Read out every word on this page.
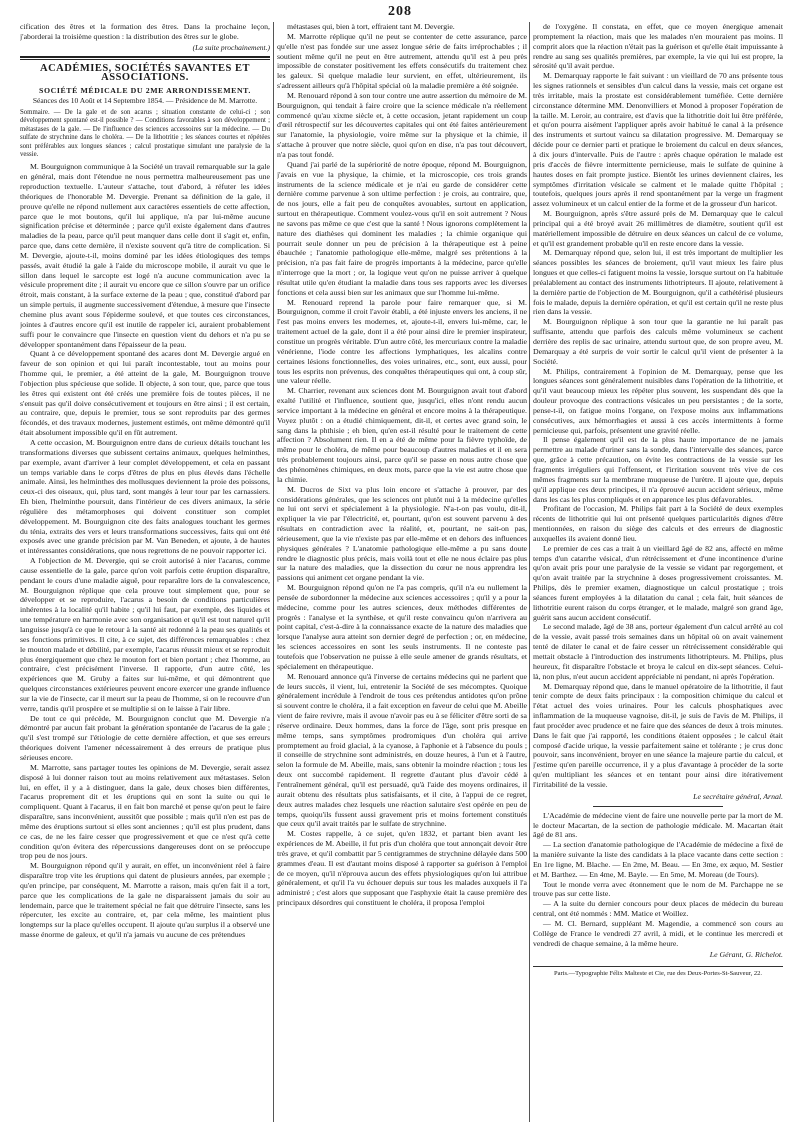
208

cification des êtres et la formation des êtres. Dans la prochaine leçon, j'aborderai la troisième question : la distribution des êtres sur le globe.

(La suite prochainement.)
ACADÉMIES, SOCIÉTÉS SAVANTES ET ASSOCIATIONS.
SOCIÉTÉ MÉDICALE DU 2ME ARRONDISSEMENT.
Séances des 10 Août et 14 Septembre 1854. — Présidence de M. Marrotte.

Sommaire. — De la gale et de son acarus ; situation constante de celui-ci ; son développement spontané est-il possible ? — Conditions favorables à son développement ; métastases de la gale. — De l'influence des sciences accessoires sur la médecine. — Du sulfate de strychnine dans le choléra. — De la lithotritie ; les séances courtes et répétées sont préférables aux longues séances ; calcul prostatique simulant une paralysie de la vessie.

M. Bourguignon communique à la Société un travail remarquable sur la gale en général, mais dont l'étendue ne nous permettra malheureusement pas une reproduction textuelle. L'auteur s'attache, tout d'abord, à réfuter les idées théoriques de l'honorable M. Devergie. Prenant sa définition de la gale, il prouve qu'elle ne répond nullement aux caractères essentiels de cette affection, parce que le mot boutons, qu'il lui applique, n'a par lui-même aucune signification précise et déterminée ; parce qu'il existe également dans d'autres maladies de la peau, parce qu'il peut manquer dans celle dont il s'agit et, enfin, parce que, dans cette dernière, il n'existe souvent qu'à titre de complication. Si M. Devergie, ajoute-t-il, moins dominé par les idées étiologiques des temps passés, avait étudié la gale à l'aide du microscope mobile, il aurait vu que le sillon dans lequel le sarcopte est logé n'a aucune communication avec la vésicule proprement dite ; il aurait vu encore que ce sillon s'ouvre par un orifice étroit, mais constant, à la surface externe de la peau ; que, constitué d'abord par un simple pertuis, il augmente successivement d'étendue, à mesure que l'insecte chemine plus avant sous l'épiderme soulevé, et que toutes ces circonstances, jointes à d'autres encore qu'il est inutile de rappeler ici, auraient probablement suffi pour le convaincre que l'insecte en question vient du dehors et n'a pu se développer spontanément dans l'épaisseur de la peau.

Quant à ce développement spontané des acares dont M. Devergie argué en faveur de son opinion et qui lui paraît incontestable, tout au moins pour l'homme qui, le premier, a été atteint de la gale, M. Bourguignon trouve l'objection plus spécieuse que solide. Il objecte, à son tour, que, parce que tous les êtres qui existent ont été créés une première fois de toutes pièces, il ne s'ensuit pas qu'il doive consécutivement et toujours en être ainsi ; il est certain, au contraire, que, depuis le premier, tous se sont reproduits par des germes fécondés, et des travaux modernes, justement estimés, ont même démontré qu'il était absolument impossible qu'il en fût autrement.

A cette occasion, M. Bourguignon entre dans de curieux détails touchant les transformations diverses que subissent certains animaux, quelques helminthes, par exemple, avant d'arriver à leur complet développement, et cela en passant un temps variable dans le corps d'êtres de plus en plus élevés dans l'échelle animale. Ainsi, les helminthes des mollusques deviennent la proie des poissons, ceux-ci des oiseaux, qui, plus tard, sont mangés à leur tour par les carnassiers. Eh bien, l'helminthe poursuit, dans l'intérieur de ces divers animaux, la série régulière des métamorphoses qui doivent constituer son complet développement. M. Bourguignon cite des faits analogues touchant les germes du ténia, extraits des vers et leurs transformations successives, faits qui ont été exposés avec une grande précision par M. Van Beneden, et ajoute, à de hautes et intéressantes considérations, que nous regrettons de ne pouvoir rapporter ici.

A l'objection de M. Devergie, qui se croit autorisé à nier l'acarus, comme cause essentielle de la gale, parce qu'on voit parfois cette éruption disparaître, pendant le cours d'une maladie aiguë, pour reparaître lors de la convalescence, M. Bourguignon réplique que cela prouve tout simplement que, pour se développer et se reproduire, l'acarus a besoin de conditions particulières inhérentes à la localité qu'il habite ; qu'il lui faut, par exemple, des liquides et une température en harmonie avec son organisation et qu'il est tout naturel qu'il languisse jusqu'à ce que le retour à la santé ait redonné à la peau ses qualités et ses fonctions primitives. Il cite, à ce sujet, des différences remarquables : chez le mouton malade et débilité, par exemple, l'acarus réussit mieux et se reproduit plus énergiquement que chez le mouton fort et bien portant ; chez l'homme, au contraire, c'est précisément l'inverse. Il rapporte, d'un autre côté, les expériences que M. Gruby a faites sur lui-même, et qui démontrent que quelques circonstances extérieures peuvent encore exercer une grande influence sur la vie de l'insecte, car il meurt sur la peau de l'homme, si on le recouvre d'un verre, tandis qu'il prospère et se multiplie si on le laisse à l'air libre.

De tout ce qui précède, M. Bourguignon conclut que M. Devergie n'a démontré par aucun fait probant la génération spontanée de l'acarus de la gale ; qu'il s'est trompé sur l'étiologie de cette dernière affection, et que ses erreurs théoriques doivent l'amener nécessairement à des erreurs de pratique plus sérieuses encore.

M. Marrotte, sans partager toutes les opinions de M. Devergie, serait assez disposé à lui donner raison tout au moins relativement aux métastases. Selon lui, en effet, il y a à distinguer, dans la gale, deux choses bien différentes, l'acarus proprement dit et les éruptions qui en sont la suite ou qui le compliquent. Quant à l'acarus, il en fait bon marché et pense qu'on peut le faire disparaître, sans inconvénient, aussitôt que possible ; mais qu'il n'en est pas de même des éruptions surtout si elles sont anciennes ; qu'il est plus prudent, dans ce cas, de ne les faire cesser que progressivement et que ce n'est qu'à cette condition qu'on évitera des répercussions dangereuses dont on se préoccupe trop peu de nos jours.

M. Bourguignon répond qu'il y aurait, en effet, un inconvénient réel à faire disparaître trop vite les éruptions qui datent de plusieurs années, par exemple ; qu'en principe, par conséquent, M. Marrotte a raison, mais qu'en fait il a tort, parce que les complications de la gale ne disparaissent jamais du soir au lendemain, parce que le traitement spécial ne fait que détruire l'insecte, sans les répercuter, les excite au contraire, et, par cela même, les maintient plus longtemps sur la place qu'elles occupent. Il ajoute qu'au surplus il a observé une masse énorme de galeux, et qu'il n'a jamais vu aucune de ces prétendues

métastases qui, bien à tort, effraient tant M. Devergie.

M. Marrotte réplique qu'il ne peut se contenter de cette assurance, parce qu'elle n'est pas fondée sur une assez longue série de faits irréprochables ; il soutient même qu'il ne peut en être autrement, attendu qu'il est à peu près impossible de constater positivement les effets consécutifs du traitement chez les galeux. Si quelque maladie leur survient, en effet, ultérieurement, ils s'adressent ailleurs qu'à l'hôpital spécial où la maladie première a été soignée.

M. Renouard répond à son tour contre une autre assertion du mémoire de M. Bourguignon, qui tendait à faire croire que la science médicale n'a réellement commencé qu'au xixme siècle et, à cette occasion, jetant rapidement un coup d'œil rétrospectif sur les découvertes capitales qui ont été faites antérieurement sur l'anatomie, la physiologie, voire même sur la physique et la chimie, il s'attache à prouver que notre siècle, quoi qu'on en dise, n'a pas tout découvert, n'a pas tout fondé.

Quand j'ai parlé de la supériorité de notre époque, répond M. Bourguignon, j'avais en vue la physique, la chimie, et la microscopie, ces trois grands instruments de la science médicale et je n'ai eu garde de considérer cette dernière comme parvenue à son ultime perfection : je crois, au contraire, que, de nos jours, elle a fait peu de conquêtes avouables, surtout en application, surtout en thérapeutique. Comment voulez-vous qu'il en soit autrement ? Nous ne savons pas même ce que c'est que la santé ! Nous ignorons complètement la nature des diathèses qui dominent les maladies ; la chimie organique qui pourrait seule donner un peu de précision à la thérapeutique est à peine ébauchée ; l'anatomie pathologique elle-même, malgré ses prétentions à la précision, n'a pas fait faire de progrès importants à la médecine, parce qu'elle n'interroge que la mort ; or, la logique veut qu'on ne puisse arriver à quelque résultat utile qu'en étudiant la maladie dans tous ses rapports avec les diverses fonctions et cela aussi bien sur les animaux que sur l'homme lui-même.

M. Renouard reprend la parole pour faire remarquer que, si M. Bourguignon, comme il croit l'avoir établi, a été injuste envers les anciens, il ne l'est pas moins envers les modernes, et, ajoute-t-il, envers lui-même, car, le traitement actuel de la gale, dont il a été pour ainsi dire le premier inspirateur, constitue un progrès véritable. D'un autre côté, les mercuriaux contre la maladie vénérienne, l'iode contre les affections lymphatiques, les alcalins contre certaines lésions fonctionnelles, des voies urinaires, etc., sont, eux aussi, pour tous les esprits non prévenus, des conquêtes thérapeutiques qui ont, à coup sûr, une valeur réelle.

M. Charrier, revenant aux sciences dont M. Bourguignon avait tout d'abord exalté l'utilité et l'influence, soutient que, jusqu'ici, elles n'ont rendu aucun service important à la médecine en général et encore moins à la thérapeutique. Voyez plutôt : on a étudié chimiquement, dit-il, et certes avec grand soin, le sang dans la phthisie ; eh bien, qu'en est-il résulté pour le traitement de cette affection ? Absolument rien. Il en a été de même pour la fièvre typhoïde, de même pour le choléra, de même pour beaucoup d'autres maladies et il en sera très probablement toujours ainsi, parce qu'il se passe en nous autre chose que des phénomènes chimiques, en deux mots, parce que la vie est autre chose que la chimie.

M. Ducros de Sixt va plus loin encore et s'attache à prouver, par des considérations générales, que les sciences ont plutôt nui à la médecine qu'elles ne lui ont servi et spécialement à la physiologie. N'a-t-on pas voulu, dit-il, expliquer la vie par l'électricité, et, pourtant, qu'on est souvent parvenu à des résultats en contradiction avec la réalité, et, pourtant, ne sait-on pas, sérieusement, que la vie n'existe pas par elle-même et en dehors des influences physiques générales ? L'anatomie pathologique elle-même a pu sans doute rendre le diagnostic plus précis, mais voilà tout et elle ne nous éclaire pas plus sur la nature des maladies, que la dissection du cœur ne nous apprendra les passions qui animent cet organe pendant la vie.

M. Bourguignon répond qu'on ne l'a pas compris, qu'il n'a eu nullement la pensée de subordonner la médecine aux sciences accessoires ; qu'il y a pour la médecine, comme pour les autres sciences, deux méthodes différentes de progrès : l'analyse et la synthèse, et qu'il reste convaincu qu'on n'arrivera au point capital, c'est-à-dire à la connaissance exacte de la nature des maladies que lorsque l'analyse aura atteint son dernier degré de perfection ; or, en médecine, les sciences accessoires en sont les seuls instruments. Il ne conteste pas toutefois que l'observation ne puisse à elle seule amener de grands résultats, et spécialement en thérapeutique.

M. Renouard annonce qu'à l'inverse de certains médecins qui ne parlent que de leurs succès, il vient, lui, entretenir la Société de ses mécomptes. Quoique généralement incrédule à l'endroit de tous ces prétendus antidotes qu'on prône si souvent contre le choléra, il a fait exception en faveur de celui que M. Abeille vient de faire revivre, mais il avoue n'avoir pas eu à se féliciter d'être sorti de sa réserve ordinaire. Deux hommes, dans la force de l'âge, sont pris presque en même temps, sans symptômes prodromiques d'un choléra qui arrive promptement au froid glacial, à la cyanose, à l'aphonie et à l'absence du pouls ; il conseille de strychnine sont administrés, en douze heures, à l'un et à l'autre, selon la formule de M. Abeille, mais, sans obtenir la moindre réaction ; tous les deux ont succombé rapidement. Il regrette d'autant plus d'avoir cédé à l'entraînement général, qu'il est persuadé, qu'à l'aide des moyens ordinaires, il aurait obtenu des résultats plus satisfaisants, et il cite, à l'appui de ce regret, deux autres malades chez lesquels une réaction salutaire s'est opérée en peu de temps, quoiqu'ils fussent aussi gravement pris et moins fortement constitués que ceux qu'il avait traités par le sulfate de strychnine.

M. Costes rappelle, à ce sujet, qu'en 1832, et partant bien avant les expériences de M. Abeille, il fut pris d'un choléra que tout annonçait devoir être très grave, et qu'il combattit par 5 centigrammes de strychnine délayée dans 500 grammes d'eau. Il est d'autant moins disposé à rapporter sa guérison à l'emploi de ce moyen, qu'il n'éprouva aucun des effets physiologiques qu'on lui attribue généralement, et qu'il l'a vu échouer depuis sur tous les malades auxquels il l'a administré ; c'est alors que supposant que l'asphyxie était la cause première des principaux désordres qui constituent le choléra, il proposa l'emploi

de l'oxygène. Il constata, en effet, que ce moyen énergique amenait promptement la réaction, mais que les malades n'en mouraient pas moins. Il comprit alors que la réaction n'était pas la guérison et qu'elle était impuissante à rendre au sang ses qualités premières, par exemple, la vie qui lui est propre, la sérosité qu'il avait perdue.

M. Demarquay rapporte le fait suivant : un vieillard de 70 ans présente tous les signes rationnels et sensibles d'un calcul dans la vessie, mais cet organe est très irritable, mais la prostate est considérablement tuméfiée. Cette dernière circonstance détermine MM. Denonvilliers et Monod à proposer l'opération de la taille. M. Leroir, au contraire, est d'avis que la lithotritie doit lui être préférée, et qu'on pourra aisément l'appliquer après avoir habitué le canal à la présence des instruments et surtout vaincu sa dilatation progressive. M. Demarquay se décide pour ce dernier parti et pratique le broiement du calcul en deux séances, à dix jours d'intervalle. Puis de l'autre : après chaque opération le malade est pris d'accès de fièvre intermittente pernicieuse, mais le sulfate de quinine à hautes doses en fait prompte justice. Bientôt les urines deviennent claires, les symptômes d'irritation vésicale se calment et le malade quitte l'hôpital ; toutefois, quelques jours après il rend spontanément par la verge un fragment assez volumineux et un calcul entier de la forme et de la grosseur d'un haricot.

M. Bourguignon, après s'être assuré près de M. Demarquay que le calcul principal qui a été broyé avait 26 millimètres de diamètre, soutient qu'il est matériellement impossible de détruire en deux séances un calcul de ce volume, et qu'il est grandement probable qu'il en reste encore dans la vessie.

M. Demarquay répond que, selon lui, il est très important de multiplier les séances possibles les séances de broiement, qu'il vaut mieux les faire plus longues et que celles-ci fatiguent moins la vessie, lorsque surtout on l'a habituée préalablement au contact des instruments lithotripteurs. Il ajoute, relativement à la dernière partie de l'objection de M. Bourguignon, qu'il a cathétérisé plusieurs fois le malade, depuis la dernière opération, et qu'il est certain qu'il ne reste plus rien dans la vessie.

M. Bourguignon réplique à son tour que la garantie ne lui paraît pas suffisante, attendu que parfois des calculs même volumineux se cachent derrière des replis de sac urinaire, attendu surtout que, de son propre aveu, M. Demarquay a été surpris de voir sortir le calcul qu'il vient de présenter à la Société.

M. Philips, contrairement à l'opinion de M. Demarquay, pense que les longues séances sont généralement nuisibles dans l'opération de la lithotritie, et qu'il vaut beaucoup mieux les répéter plus souvent, les suspendant dès que la douleur provoque des contractions vésicales un peu persistantes ; de la sorte, pense-t-il, on fatigue moins l'organe, on l'expose moins aux inflammations consécutives, aux hémorrhagies et aussi à ces accès intermittents à forme pernicieuse qui, parfois, présentent une gravité réelle.

Il pense également qu'il est de la plus haute importance de ne jamais permettre au malade d'uriner sans la sonde, dans l'intervalle des séances, parce que, grâce à cette précaution, on évite les contractions de la vessie sur les fragments irréguliers qui l'offensent, et l'irritation souvent très vive de ces mêmes fragments sur la membrane muqueuse de l'urètre. Il ajoute que, depuis qu'il applique ces deux principes, il n'a éprouvé aucun accident sérieux, même dans les cas les plus compliqués et en apparence les plus défavorables.

Profitant de l'occasion, M. Philips fait part à la Société de deux exemples récents de lithotritie qui lui ont présenté quelques particularités dignes d'être mentionnées, en raison du siège des calculs et des erreurs de diagnostic auxquelles ils avaient donné lieu.

Le premier de ces cas a trait à un vieillard âgé de 82 ans, affecté en même temps d'un catarrhe vésical, d'un rétrécissement et d'une incontinence d'urine qu'on avait pris pour une paralysie de la vessie se vidant par regorgement, et qu'on avait traitée par la strychnine à doses progressivement croissantes. M. Philips, dès le premier examen, diagnostique un calcul prostatique ; trois séances furent employées à la dilatation du canal ; cela fait, huit séances de lithotritie eurent raison du corps étranger, et le malade, malgré son grand âge, guérit sans aucun accident consécutif.

Le second malade, âgé de 38 ans, porteur également d'un calcul arrêté au col de la vessie, avait passé trois semaines dans un hôpital où on avait vainement tenté de dilater le canal et de faire cesser un rétrécissement considérable qui mettait obstacle à l'introduction des instruments lithotripteurs. M. Philips, plus heureux, fit disparaître l'obstacle et broya le calcul en dix-sept séances. Celui-là, non plus, n'eut aucun accident appréciable ni pendant, ni après l'opération.

M. Demarquay répond que, dans le manuel opératoire de la lithotritie, il faut tenir compte de deux faits principaux : la composition chimique du calcul et l'état actuel des voies urinaires. Pour les calculs phosphatiques avec inflammation de la muqueuse vagnoise, dit-il, je suis de l'avis de M. Philips, il faut procéder avec prudence et ne faire que des séances de deux à trois minutes. Dans le fait que j'ai rapporté, les conditions étaient opposées ; le calcul était composé d'acide urique, la vessie parfaitement saine et tolérante ; je crus donc pouvoir, sans inconvénient, broyer en une séance la majeure partie du calcul, et j'estime qu'en pareille occurrence, il y a plus d'avantage à procéder de la sorte qu'en multipliant les séances et en tentant pour ainsi dire itérativement l'irritabilité de la vessie.

Le secrétaire général, Arnal.

L'Académie de médecine vient de faire une nouvelle perte par la mort de M. le docteur Macartan, de la section de pathologie médicale. M. Macartan était âgé de 81 ans.

— La section d'anatomie pathologique de l'Académie de médecine a fixé de la manière suivante la liste des candidats à la place vacante dans cette section : En 1re ligne, M. Blache. — En 2me, M. Beau. — En 3me, ex æquo, M. Sestier et M. Barthez. — En 4me, M. Bayle. — En 5me, M. Moreau (de Tours).

Tout le monde verra avec étonnement que le nom de M. Parchappe ne se trouve pas sur cette liste.

— A la suite du dernier concours pour deux places de médecin du bureau central, ont été nommés : MM. Matice et Woillez.

— M. Cl. Bernard, suppléant M. Magendie, a commencé son cours au Collège de France le vendredi 27 avril, à midi, et le continue les mercredi et vendredi de chaque semaine, à la même heure.

Le Gérant, G. Richelot.
Paris.—Typographie Félix Malteste et Cie, rue des Deux-Portes-St-Sauveur, 22.
